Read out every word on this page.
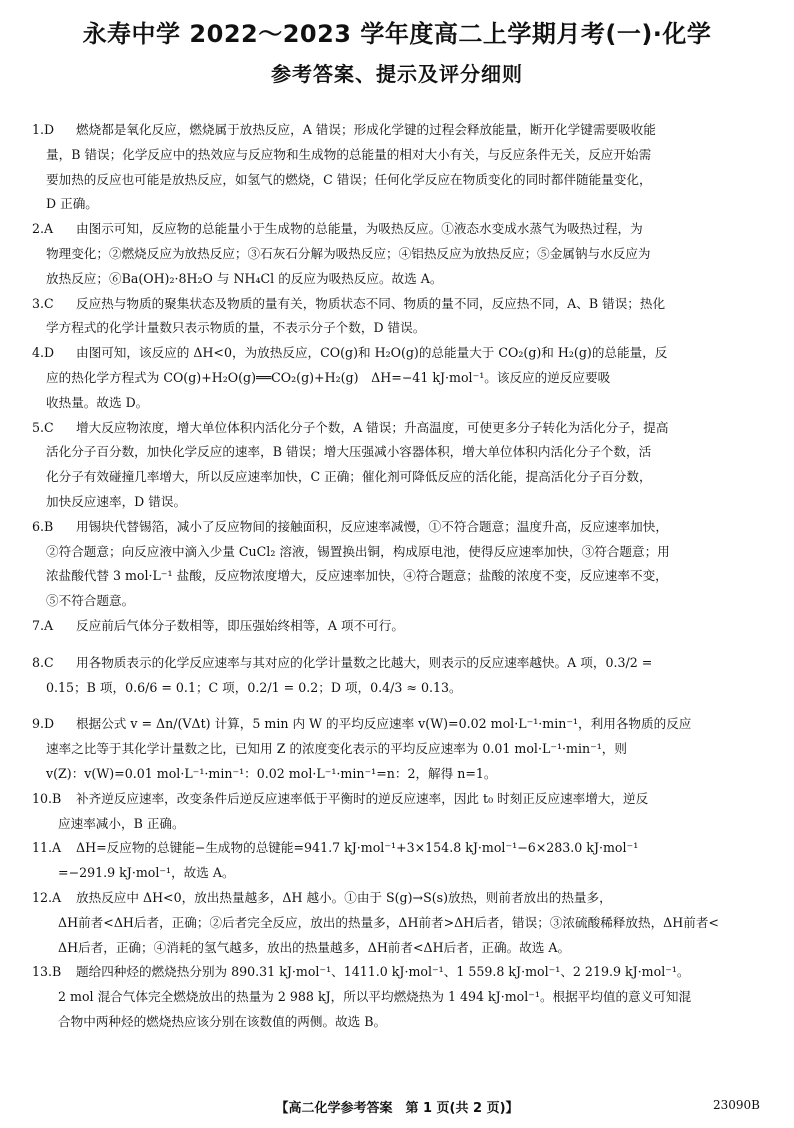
永寿中学 2022～2023 学年度高二上学期月考(一)·化学
参考答案、提示及评分细则
1.D	燃烧都是氧化反应，燃烧属于放热反应，A 错误；形成化学键的过程会释放能量，断开化学键需要吸收能
量，B 错误；化学反应中的热效应与反应物和生成物的总能量的相对大小有关，与反应条件无关，反应开始需
要加热的反应也可能是放热反应，如氢气的燃烧，C 错误；任何化学反应在物质变化的同时都伴随能量变化，
D 正确。
2.A	由图示可知，反应物的总能量小于生成物的总能量，为吸热反应。①液态水变成水蒸气为吸热过程，为
物理变化；②燃烧反应为放热反应；③石灰石分解为吸热反应；④铝热反应为放热反应；⑤金属钠与水反应为
放热反应；⑥Ba(OH)₂·8H₂O 与 NH₄Cl 的反应为吸热反应。故选 A。
3.C	反应热与物质的聚集状态及物质的量有关，物质状态不同、物质的量不同，反应热不同，A、B 错误；热化
学方程式的化学计量数只表示物质的量，不表示分子个数，D 错误。
4.D	由图可知，该反应的 ΔH<0，为放热反应，CO(g)和 H₂O(g)的总能量大于 CO₂(g)和 H₂(g)的总能量，反
应的热化学方程式为 CO(g)+H₂O(g)══CO₂(g)+H₂(g)　ΔH=−41 kJ·mol⁻¹。该反应的逆反应要吸
收热量。故选 D。
5.C	增大反应物浓度，增大单位体积内活化分子个数，A 错误；升高温度，可使更多分子转化为活化分子，提高
活化分子百分数，加快化学反应的速率，B 错误；增大压强减小容器体积，增大单位体积内活化分子个数，活
化分子有效碰撞几率增大，所以反应速率加快，C 正确；催化剂可降低反应的活化能，提高活化分子百分数，
加快反应速率，D 错误。
6.B	用锡块代替锡箔，减小了反应物间的接触面积，反应速率减慢，①不符合题意；温度升高，反应速率加快，
②符合题意；向反应液中滴入少量 CuCl₂ 溶液，锡置换出铜，构成原电池，使得反应速率加快，③符合题意；用
浓盐酸代替 3 mol·L⁻¹ 盐酸，反应物浓度增大，反应速率加快，④符合题意；盐酸的浓度不变，反应速率不变，
⑤不符合题意。
7.A	反应前后气体分子数相等，即压强始终相等，A 项不可行。
8.C	用各物质表示的化学反应速率与其对应的化学计量数之比越大，则表示的反应速率越快。A 项，0.3/2 =
0.15；B 项，0.6/6 = 0.1；C 项，0.2/1 = 0.2；D 项，0.4/3 ≈ 0.13。
9.D	根据公式 v = Δn/(VΔt) 计算，5 min 内 W 的平均反应速率 v(W)=0.02 mol·L⁻¹·min⁻¹，利用各物质的反应
速率之比等于其化学计量数之比，已知用 Z 的浓度变化表示的平均反应速率为 0.01 mol·L⁻¹·min⁻¹，则
v(Z)：v(W)=0.01 mol·L⁻¹·min⁻¹：0.02 mol·L⁻¹·min⁻¹=n：2，解得 n=1。
10.B	补齐逆反应速率，改变条件后逆反应速率低于平衡时的逆反应速率，因此 t₀ 时刻正反应速率增大，逆反
应速率减小，B 正确。
11.A	ΔH=反应物的总键能−生成物的总键能=941.7 kJ·mol⁻¹+3×154.8 kJ·mol⁻¹−6×283.0 kJ·mol⁻¹
=−291.9 kJ·mol⁻¹，故选 A。
12.A	放热反应中 ΔH<0，放出热量越多，ΔH 越小。①由于 S(g)→S(s)放热，则前者放出的热量多，
ΔH前者<ΔH后者，正确；②后者完全反应，放出的热量多，ΔH前者>ΔH后者，错误；③浓硫酸稀释放热，ΔH前者<
ΔH后者，正确；④消耗的氢气越多，放出的热量越多，ΔH前者<ΔH后者，正确。故选 A。
13.B	题给四种烃的燃烧热分别为 890.31 kJ·mol⁻¹、1411.0 kJ·mol⁻¹、1 559.8 kJ·mol⁻¹、2 219.9 kJ·mol⁻¹。
2 mol 混合气体完全燃烧放出的热量为 2 988 kJ，所以平均燃烧热为 1 494 kJ·mol⁻¹。根据平均值的意义可知混
合物中两种烃的燃烧热应该分别在该数值的两侧。故选 B。
【高二化学参考答案　第 1 页(共 2 页)】	23090B
